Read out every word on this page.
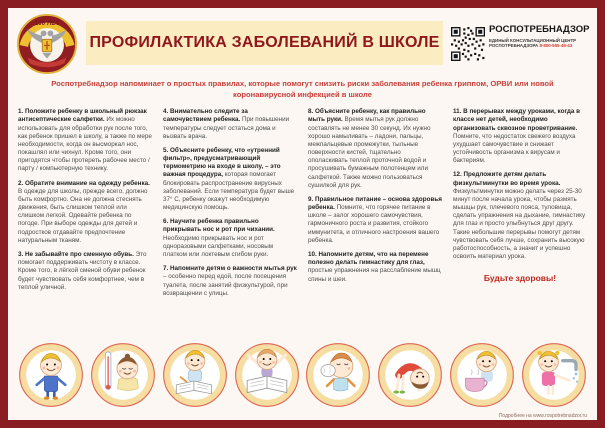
100 ЛЕТ
ПРОФИЛАКТИКА ЗАБОЛЕВАНИЙ В ШКОЛЕ
РОСПОТРЕБНАДЗОР
ЕДИНЫЙ КОНСУЛЬТАЦИОННЫЙ ЦЕНТР
РОСПОТРЕБНАДЗОРА 8-800-555-49-43
Роспотребнадзор напоминает о простых правилах, которые помогут снизить риски заболевания ребенка гриппом, ОРВИ или новой коронавирусной инфекцией в школе

1. Положите ребенку в школьный рюкзак антисептические салфетки. Их можно использовать для обработки рук после того, как ребенок пришел в школу, а также по мере необходимости, когда он высморкал нос, покашлял или чихнул. Кроме того, они пригодятся чтобы протереть рабочее место / парту / компьютерную технику.

2. Обратите внимание на одежду ребенка. В одежде для школы, прежде всего, должно быть комфортно. Она не должна стеснять движения, быть слишком теплой или слишком легкой. Одевайте ребенка по погоде. При выборе одежды для детей и подростков отдавайте предпочтение натуральным тканям.

3. Не забывайте про сменную обувь. Это помогает поддерживать чистоту в классе. Кроме того, в лёгкой сменой обуви ребенок будет чувствовать себя комфортнее, чем в теплой уличной.

4. Внимательно следите за самочувствием ребенка. При повышении температуры следует остаться дома и вызвать врача.

5. Объясните ребенку, что «утренний фильтр», предусматривающий термометрию на входе в школу, – это важная процедура, которая помогает блокировать распространение вирусных заболеваний. Если температура будет выше 37° С, ребенку окажут необходимую медицинскую помощь.

6. Научите ребенка правильно прикрывать нос и рот при чихании. Необходимо прикрывать нос и рот одноразовыми салфетками, носовым платком или локтевым сгибом руки.

7. Напомните детям о важности мытья рук – особенно перед едой, после посещения туалета, после занятий физкультурой, при возвращении с улицы.

8. Объясните ребенку, как правильно мыть руки. Время мытья рук должно составлять не менее 30 секунд. Их нужно хорошо намыливать – ладони, пальцы, межпальцевые промежутки, тыльные поверхности кистей, тщательно ополаскивать теплой проточной водой и просушивать бумажным полотенцем или салфеткой. Также можно пользоваться сушилкой для рук.

9. Правильное питание – основа здоровья ребенка. Помните, что горячее питание в школе – залог хорошего самочувствия, гармоничного роста и развития, стойкого иммунитета, и отличного настроения вашего ребенка.

10. Напомните детям, что на перемене полезно делать гимнастику для глаз, простые упражнения на расслабление мышц спины и шеи.

11. В перерывах между уроками, когда в классе нет детей, необходимо организовать сквозное проветривание. Помните, что недостаток свежего воздуха ухудшает самочувствие и снижает устойчивость организма к вирусам и бактериям.

12. Предложите детям делать физкультминутки во время урока. Физкультминутки можно делать через 25-30 минут после начала урока, чтобы размять мышцы рук, плечевого пояса, туловища, сделать упражнения на дыхание, гимнастику для глаз и просто улыбнуться друг другу. Такие небольшие перерывы помогут детям чувствовать себя лучше, сохранить высокую работоспособность, а значит и успешно освоить материал урока.

Будьте здоровы!
Подробнее на www.rospotrebnadzor.ru
